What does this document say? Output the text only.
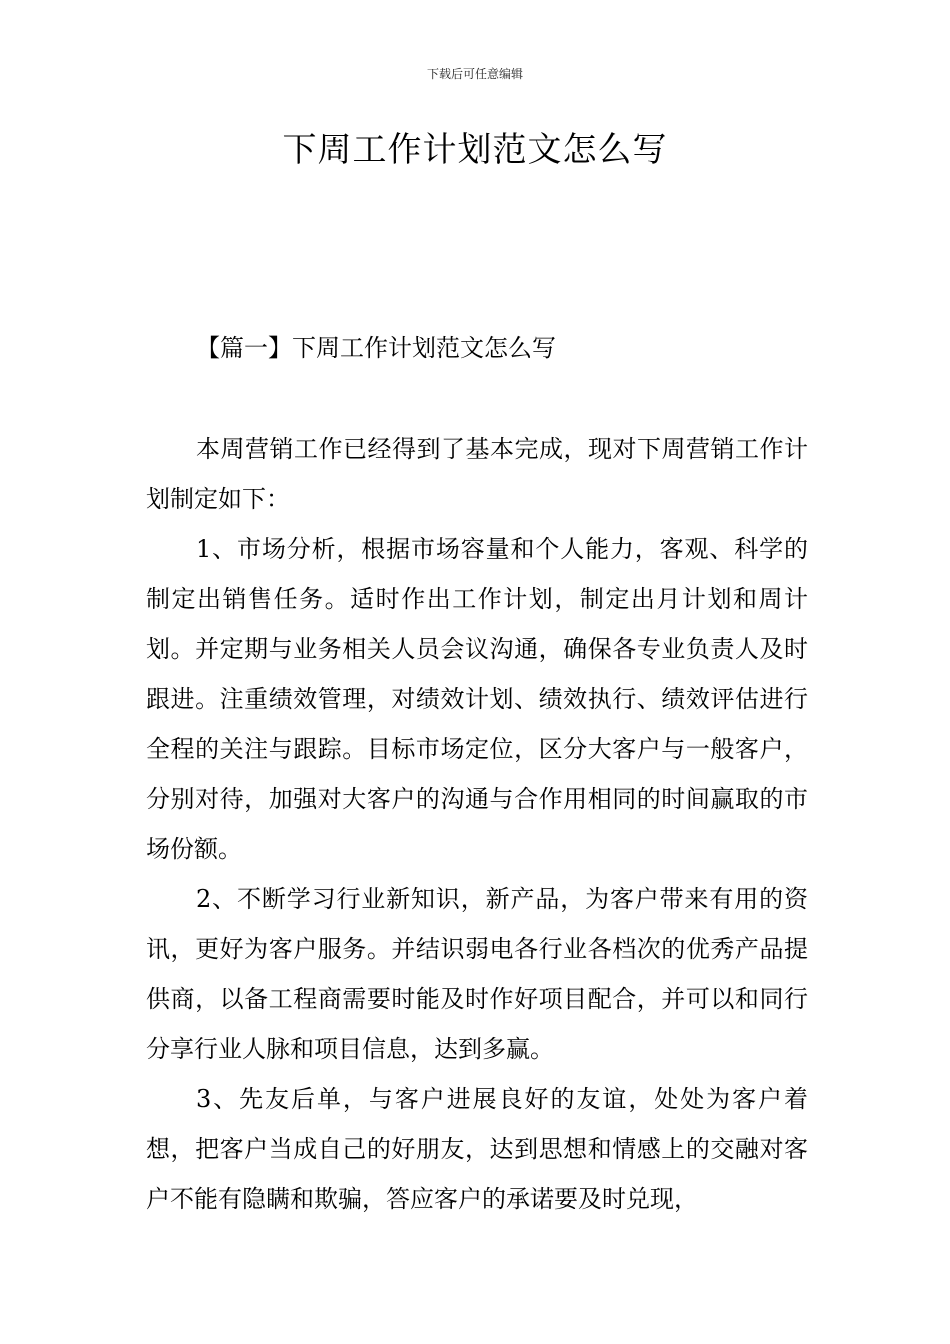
下载后可任意编辑
下周工作计划范文怎么写
【篇一】下周工作计划范文怎么写

本周营销工作已经得到了基本完成，现对下周营销工作计划制定如下：

1、市场分析，根据市场容量和个人能力，客观、科学的制定出销售任务。适时作出工作计划，制定出月计划和周计划。并定期与业务相关人员会议沟通，确保各专业负责人及时跟进。注重绩效管理，对绩效计划、绩效执行、绩效评估进行全程的关注与跟踪。目标市场定位，区分大客户与一般客户，分别对待，加强对大客户的沟通与合作用相同的时间赢取的市场份额。

2、不断学习行业新知识，新产品，为客户带来有用的资讯，更好为客户服务。并结识弱电各行业各档次的优秀产品提供商，以备工程商需要时能及时作好项目配合，并可以和同行分享行业人脉和项目信息，达到多赢。

3、先友后单，与客户进展良好的友谊，处处为客户着想，把客户当成自己的好朋友，达到思想和情感上的交融对客户不能有隐瞒和欺骗，答应客户的承诺要及时兑现，
